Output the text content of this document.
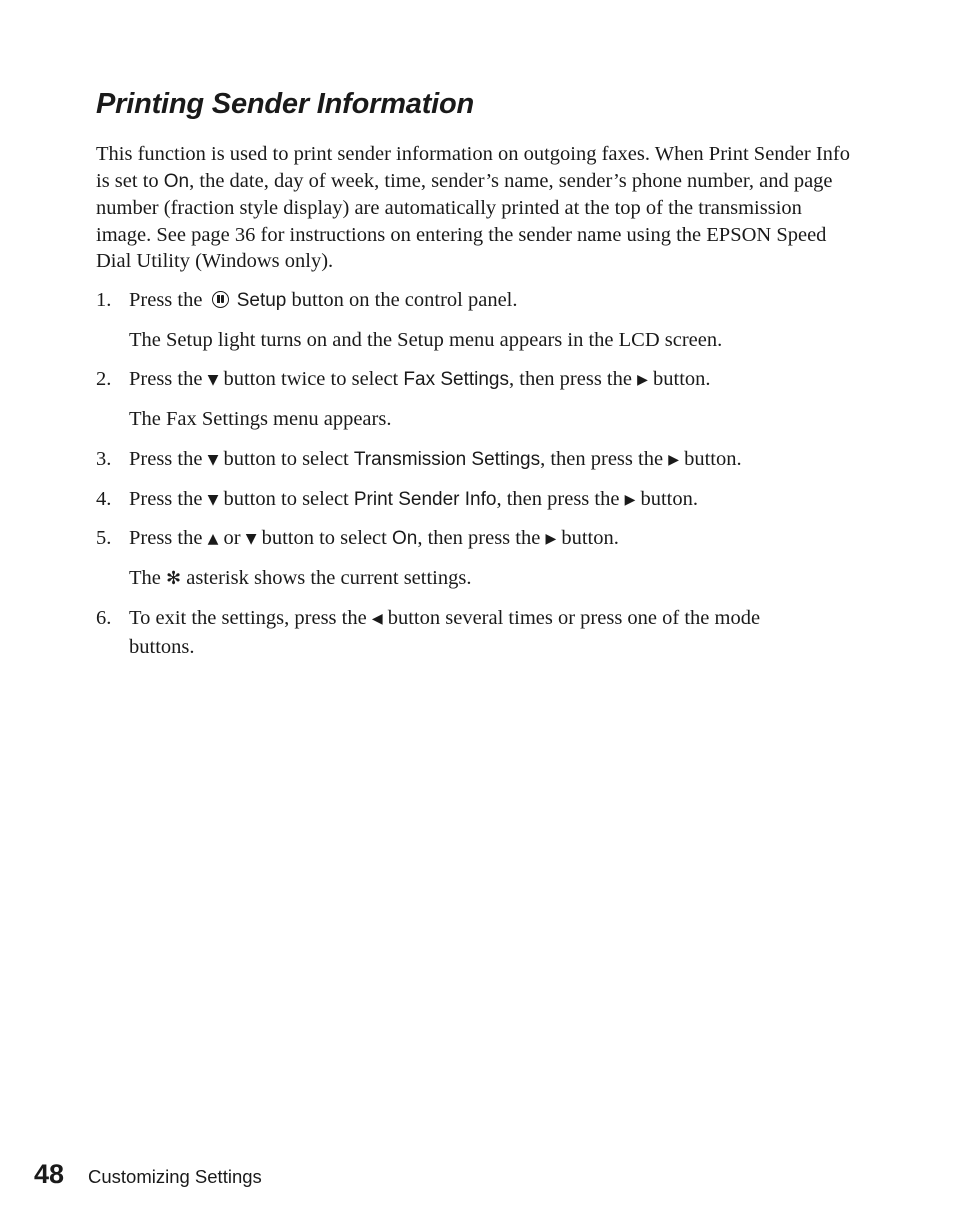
Printing Sender Information

This function is used to print sender information on outgoing faxes. When Print Sender Info is set to On, the date, day of week, time, sender’s name, sender’s phone number, and page number (fraction style display) are automatically printed at the top of the transmission image. See page 36 for instructions on entering the sender name using the EPSON Speed Dial Utility (Windows only).

1. Press the  Setup button on the control panel.

The Setup light turns on and the Setup menu appears in the LCD screen.

2. Press the ▼ button twice to select Fax Settings, then press the ▶ button.

The Fax Settings menu appears.

3. Press the ▼ button to select Transmission Settings, then press the ▶ button.
4. Press the ▼ button to select Print Sender Info, then press the ▶ button.
5. Press the ▲ or ▼ button to select On, then press the ▶ button.

The ✻ asterisk shows the current settings.

6. To exit the settings, press the ◀ button several times or press one of the mode buttons.
48 Customizing Settings
